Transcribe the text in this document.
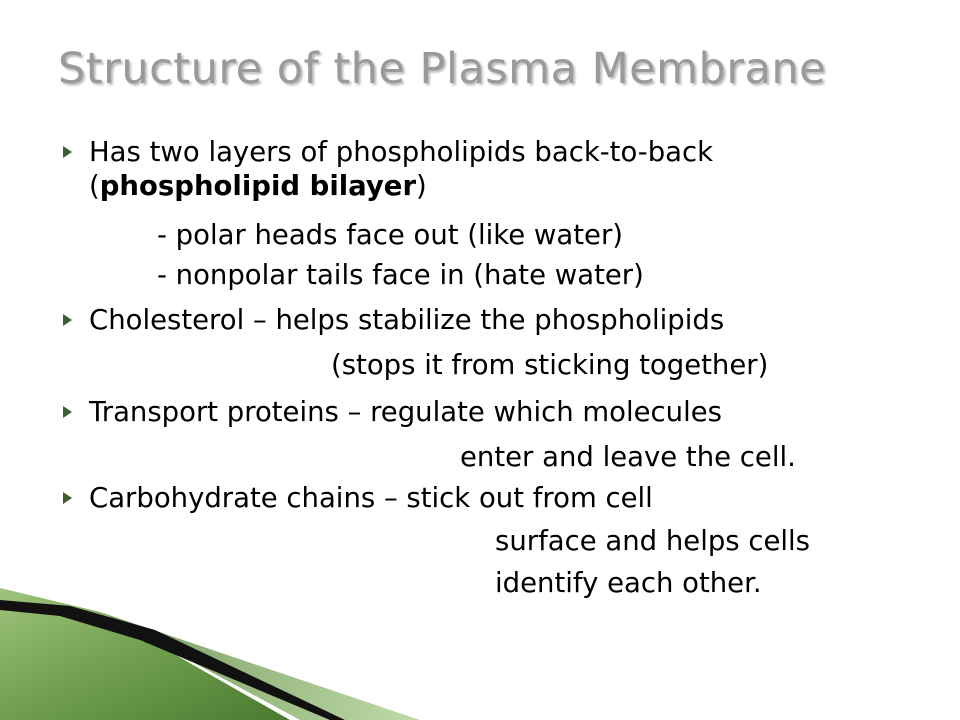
Structure of the Plasma Membrane
Has two layers of phospholipids back-to-back
(phospholipid bilayer)
- polar heads face out (like water)
- nonpolar tails face in (hate water)
Cholesterol – helps stabilize the phospholipids
(stops it from sticking together)
Transport proteins – regulate which molecules
enter and leave the cell.
Carbohydrate chains – stick out from cell
surface and helps cells
identify each other.
